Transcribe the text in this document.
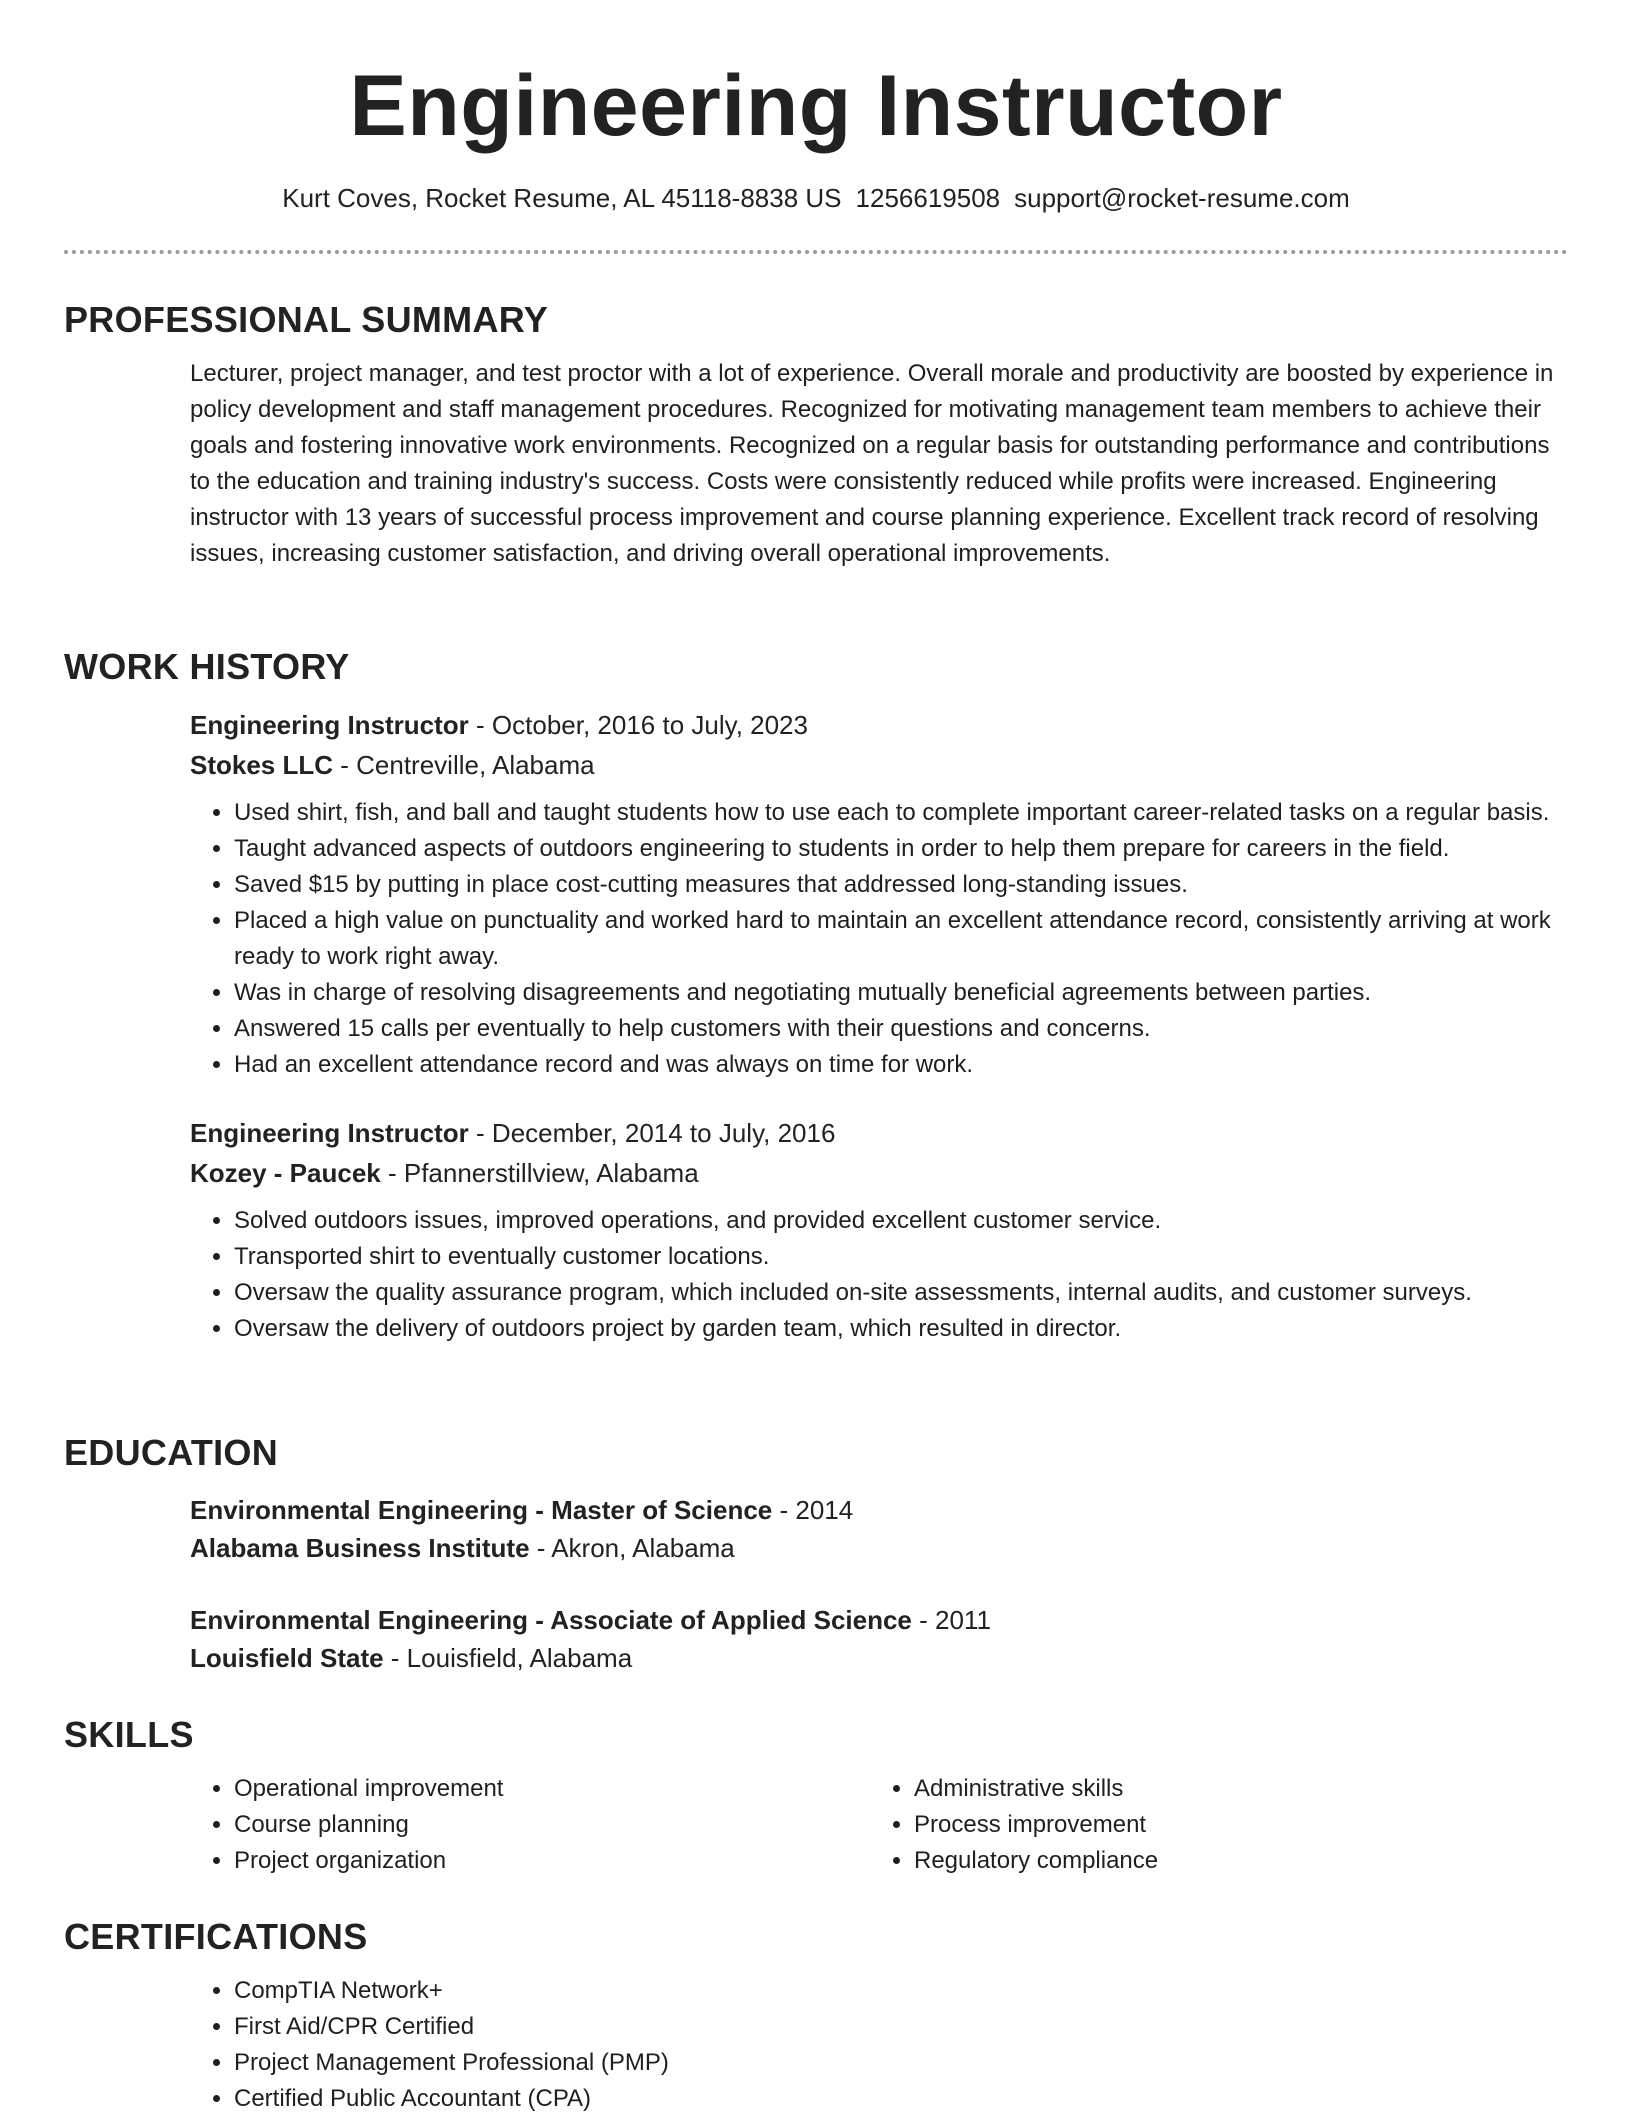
Engineering Instructor
Kurt Coves, Rocket Resume, AL 45118-8838 US 1256619508 support@rocket-resume.com
PROFESSIONAL SUMMARY

Lecturer, project manager, and test proctor with a lot of experience. Overall morale and productivity are boosted by experience in policy development and staff management procedures. Recognized for motivating management team members to achieve their goals and fostering innovative work environments. Recognized on a regular basis for outstanding performance and contributions to the education and training industry's success. Costs were consistently reduced while profits were increased. Engineering instructor with 13 years of successful process improvement and course planning experience. Excellent track record of resolving issues, increasing customer satisfaction, and driving overall operational improvements.

WORK HISTORY
Engineering Instructor - October, 2016 to July, 2023
Stokes LLC - Centreville, Alabama
• Used shirt, fish, and ball and taught students how to use each to complete important career-related tasks on a regular basis.
• Taught advanced aspects of outdoors engineering to students in order to help them prepare for careers in the field.
• Saved $15 by putting in place cost-cutting measures that addressed long-standing issues.
• Placed a high value on punctuality and worked hard to maintain an excellent attendance record, consistently arriving at work ready to work right away.
• Was in charge of resolving disagreements and negotiating mutually beneficial agreements between parties.
• Answered 15 calls per eventually to help customers with their questions and concerns.
• Had an excellent attendance record and was always on time for work.
Engineering Instructor - December, 2014 to July, 2016
Kozey - Paucek - Pfannerstillview, Alabama
• Solved outdoors issues, improved operations, and provided excellent customer service.
• Transported shirt to eventually customer locations.
• Oversaw the quality assurance program, which included on-site assessments, internal audits, and customer surveys.
• Oversaw the delivery of outdoors project by garden team, which resulted in director.
EDUCATION
Environmental Engineering - Master of Science - 2014
Alabama Business Institute - Akron, Alabama
Environmental Engineering - Associate of Applied Science - 2011
Louisfield State - Louisfield, Alabama
SKILLS
• Operational improvement
• Course planning
• Project organization
• Administrative skills
• Process improvement
• Regulatory compliance
CERTIFICATIONS
• CompTIA Network+
• First Aid/CPR Certified
• Project Management Professional (PMP)
• Certified Public Accountant (CPA)
